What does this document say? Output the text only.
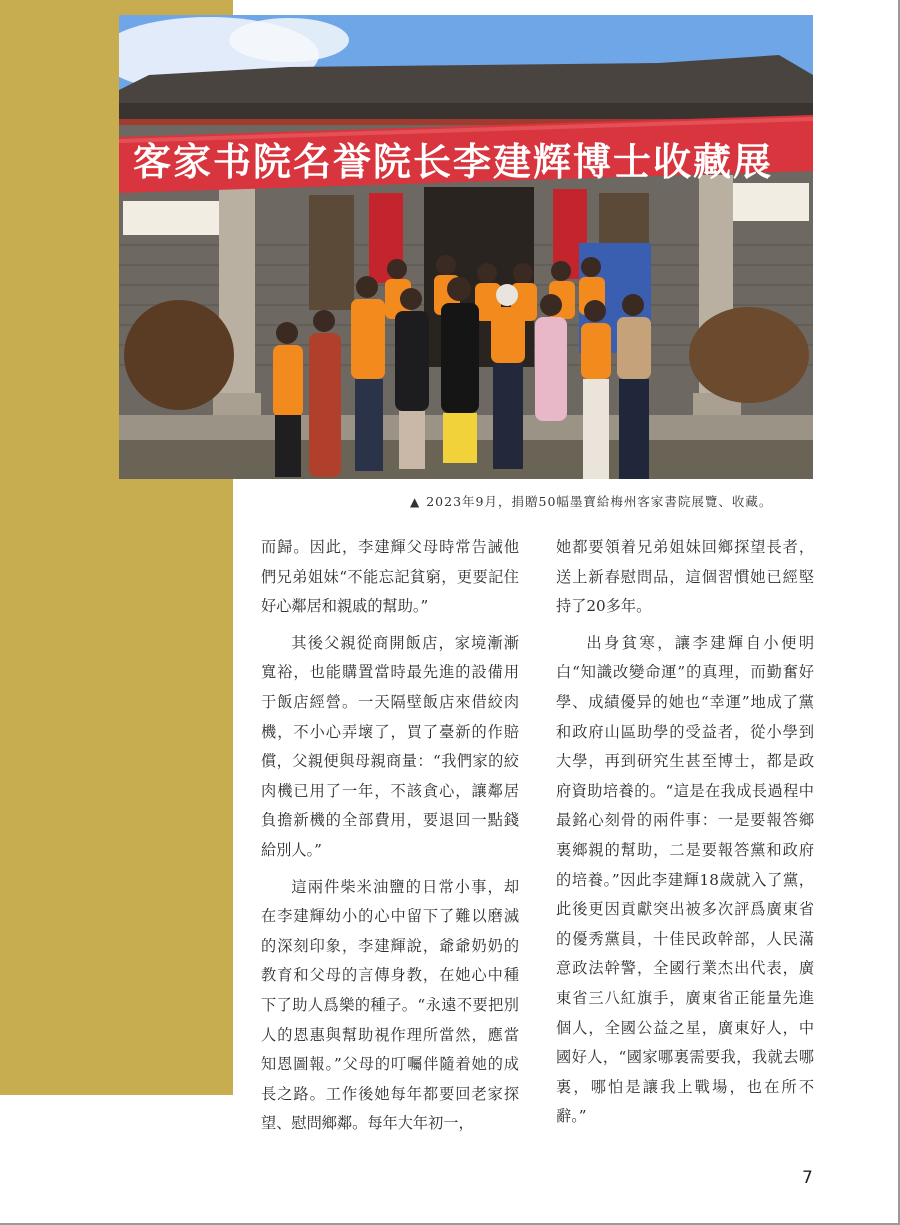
客家书院名誉院长李建辉博士收藏展
▲ 2023年9月，捐贈50幅墨寶給梅州客家書院展覽、收藏。

而歸。因此，李建輝父母時常告誡他們兄弟姐妹“不能忘記貧窮，更要記住好心鄰居和親戚的幫助。”

其後父親從商開飯店，家境漸漸寬裕，也能購置當時最先進的設備用于飯店經營。一天隔壁飯店來借絞肉機，不小心弄壞了，買了臺新的作賠償，父親便與母親商量：“我們家的絞肉機已用了一年，不該貪心，讓鄰居負擔新機的全部費用，要退回一點錢給別人。”

這兩件柴米油鹽的日常小事，却在李建輝幼小的心中留下了難以磨滅的深刻印象，李建輝說，爺爺奶奶的教育和父母的言傳身教，在她心中種下了助人爲樂的種子。“永遠不要把別人的恩惠與幫助視作理所當然，應當知恩圖報。”父母的叮囑伴隨着她的成長之路。工作後她每年都要回老家探望、慰問鄉鄰。每年大年初一，

她都要領着兄弟姐妹回鄉探望長者，送上新春慰問品，這個習慣她已經堅持了20多年。

出身貧寒，讓李建輝自小便明白“知識改變命運”的真理，而勤奮好學、成績優异的她也“幸運”地成了黨和政府山區助學的受益者，從小學到大學，再到研究生甚至博士，都是政府資助培養的。“這是在我成長過程中最銘心刻骨的兩件事：一是要報答鄉裏鄉親的幫助，二是要報答黨和政府的培養。”因此李建輝18歲就入了黨，此後更因貢獻突出被多次評爲廣東省的優秀黨員，十佳民政幹部，人民滿意政法幹警，全國行業杰出代表，廣東省三八紅旗手，廣東省正能量先進個人，全國公益之星，廣東好人，中國好人，“國家哪裏需要我，我就去哪裏，哪怕是讓我上戰場，也在所不辭。”

7
